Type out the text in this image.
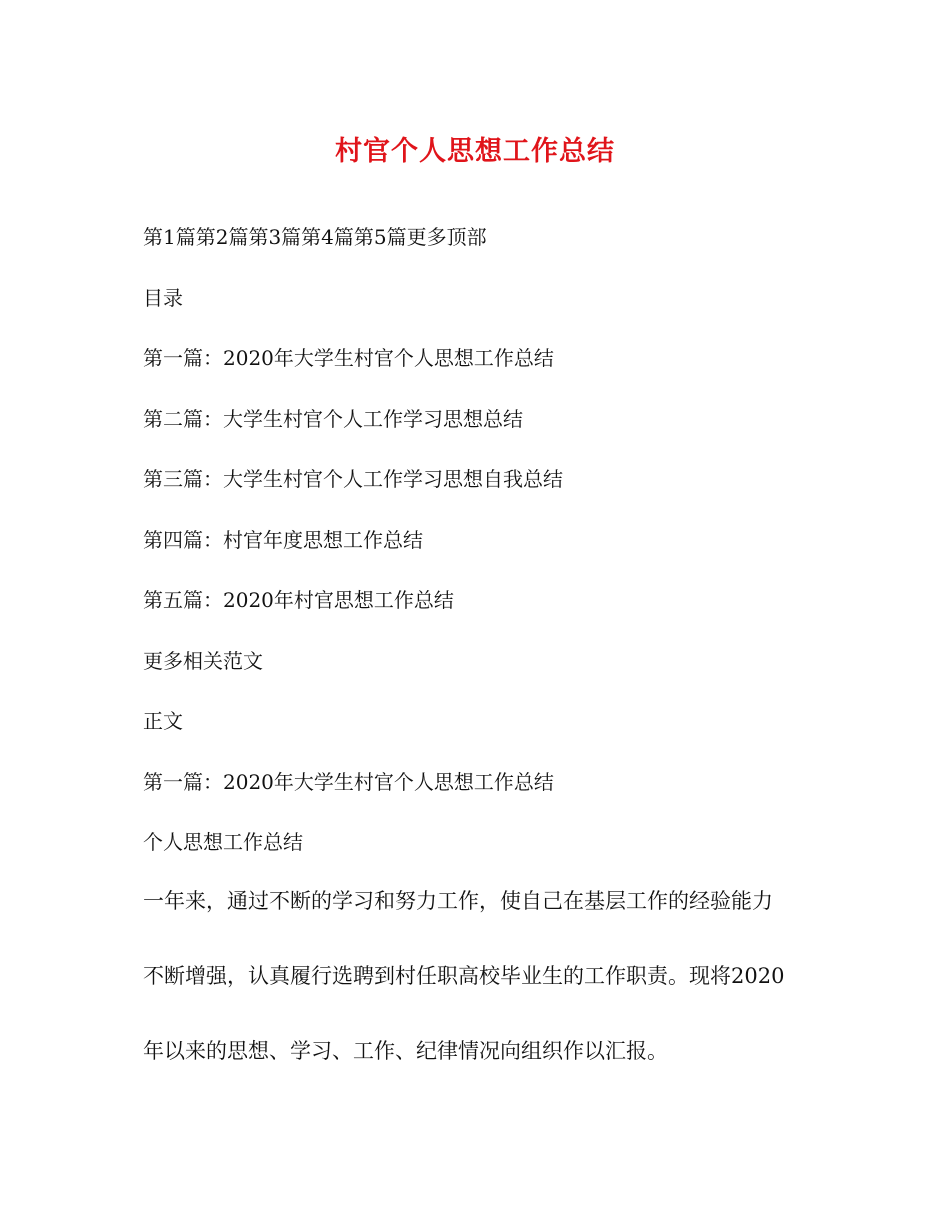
村官个人思想工作总结
第1篇第2篇第3篇第4篇第5篇更多顶部
目录
第一篇：2020年大学生村官个人思想工作总结
第二篇：大学生村官个人工作学习思想总结
第三篇：大学生村官个人工作学习思想自我总结
第四篇：村官年度思想工作总结
第五篇：2020年村官思想工作总结
更多相关范文
正文
第一篇：2020年大学生村官个人思想工作总结
个人思想工作总结
一年来，通过不断的学习和努力工作，使自己在基层工作的经验能力
不断增强，认真履行选聘到村任职高校毕业生的工作职责。现将2020
年以来的思想、学习、工作、纪律情况向组织作以汇报。
